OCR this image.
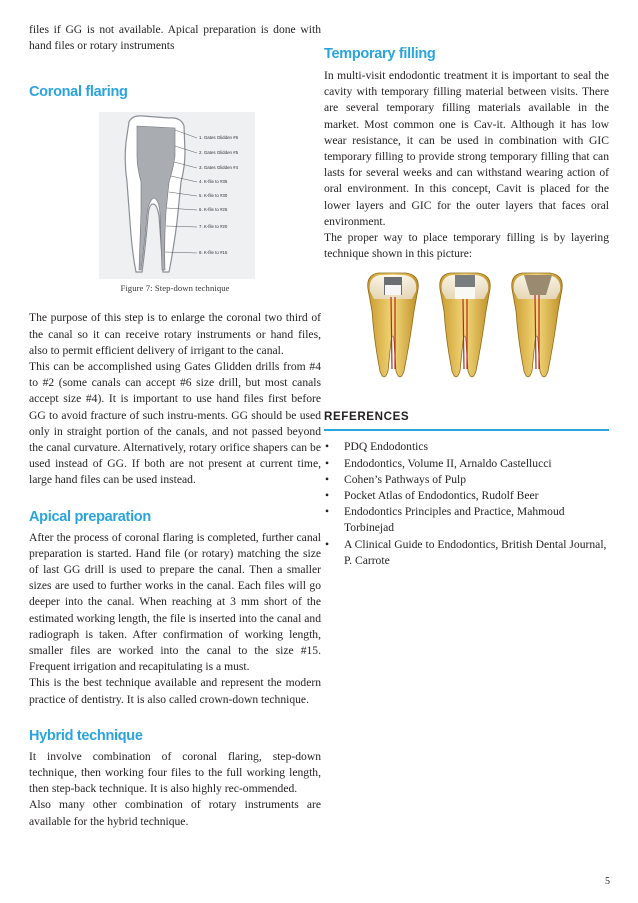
files if GG is not available. Apical preparation is done with hand files or rotary instruments

Coronal flaring
1. Gates Glidden #6
2. Gates Glidden #5
3. Gates Glidden #4
4. K-file to #35
5. K-file to #30
6. K-file to #25
7. K-file to #20
8. K-file to #15
Figure 7: Step-down technique

The purpose of this step is to enlarge the coronal two third of the canal so it can receive rotary instruments or hand files, also to permit efficient delivery of irrigant to the canal.

This can be accomplished using Gates Glidden drills from #4 to #2 (some canals can accept #6 size drill, but most canals accept size #4). It is important to use hand files first before GG to avoid fracture of such instru-ments. GG should be used only in straight portion of the canals, and not passed beyond the canal curvature. Alternatively, rotary orifice shapers can be used instead of GG. If both are not present at current time, large hand files can be used instead.

Apical preparation

After the process of coronal flaring is completed, further canal preparation is started. Hand file (or rotary) matching the size of last GG drill is used to prepare the canal. Then a smaller sizes are used to further works in the canal. Each files will go deeper into the canal. When reaching at 3 mm short of the estimated working length, the file is inserted into the canal and radiograph is taken. After confirmation of working length, smaller files are worked into the canal to the size #15. Frequent irrigation and recapitulating is a must.

This is the best technique available and represent the modern practice of dentistry. It is also called crown-down technique.

Hybrid technique

It involve combination of coronal flaring, step-down technique, then working four files to the full working length, then step-back technique. It is also highly rec-ommended.

Also many other combination of rotary instruments are available for the hybrid technique.

Temporary filling

In multi-visit endodontic treatment it is important to seal the cavity with temporary filling material between visits. There are several temporary filling materials available in the market. Most common one is Cav-it. Although it has low wear resistance, it can be used in combination with GIC temporary filling to provide strong temporary filling that can lasts for several weeks and can withstand wearing action of oral environment. In this concept, Cavit is placed for the lower layers and GIC for the outer layers that faces oral environment.

The proper way to place temporary filling is by layering technique shown in this picture:

REFERENCES
• PDQ Endodontics
• Endodontics, Volume II, Arnaldo Castellucci
• Cohen’s Pathways of Pulp
• Pocket Atlas of Endodontics, Rudolf Beer
• Endodontics Principles and Practice, Mahmoud Torbinejad
• A Clinical Guide to Endodontics, British Dental Journal, P. Carrote
5
